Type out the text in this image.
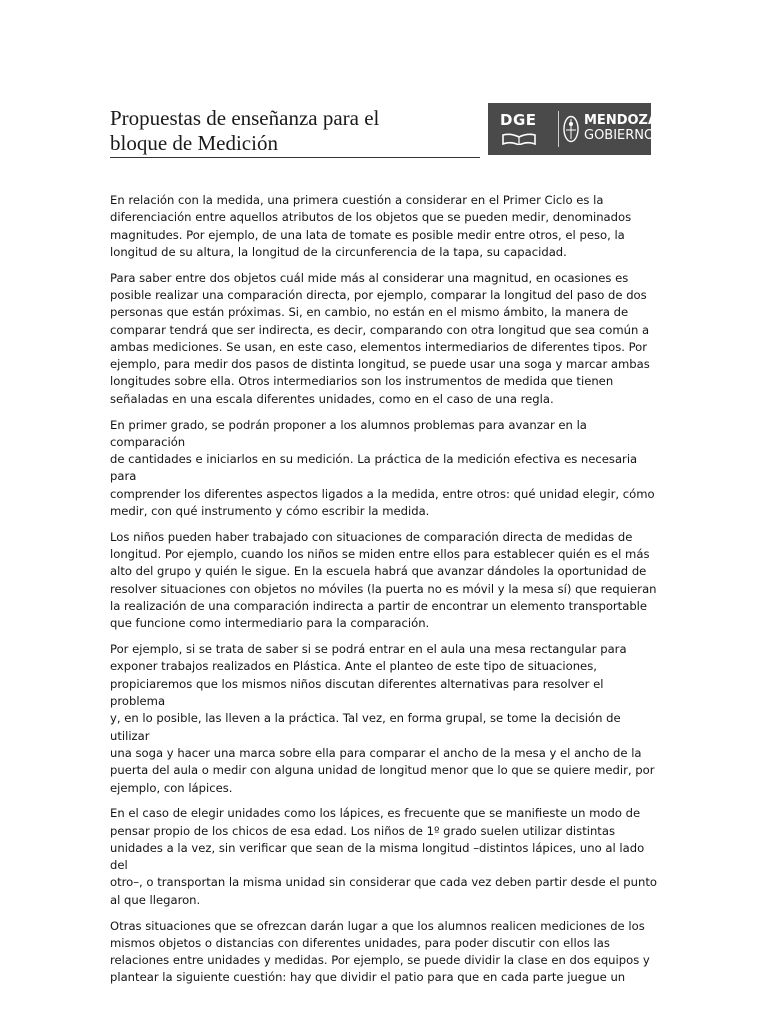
Propuestas de enseñanza para el
bloque de Medición
DGE	MENDOZA
GOBIERNO

En relación con la medida, una primera cuestión a considerar en el Primer Ciclo es la
diferenciación entre aquellos atributos de los objetos que se pueden medir, denominados
magnitudes. Por ejemplo, de una lata de tomate es posible medir entre otros, el peso, la
longitud de su altura, la longitud de la circunferencia de la tapa, su capacidad.

Para saber entre dos objetos cuál mide más al considerar una magnitud, en ocasiones es
posible realizar una comparación directa, por ejemplo, comparar la longitud del paso de dos
personas que están próximas. Si, en cambio, no están en el mismo ámbito, la manera de
comparar tendrá que ser indirecta, es decir, comparando con otra longitud que sea común a
ambas mediciones. Se usan, en este caso, elementos intermediarios de diferentes tipos. Por
ejemplo, para medir dos pasos de distinta longitud, se puede usar una soga y marcar ambas
longitudes sobre ella. Otros intermediarios son los instrumentos de medida que tienen
señaladas en una escala diferentes unidades, como en el caso de una regla.

En primer grado, se podrán proponer a los alumnos problemas para avanzar en la comparación
de cantidades e iniciarlos en su medición. La práctica de la medición efectiva es necesaria para
comprender los diferentes aspectos ligados a la medida, entre otros: qué unidad elegir, cómo
medir, con qué instrumento y cómo escribir la medida.

Los niños pueden haber trabajado con situaciones de comparación directa de medidas de
longitud. Por ejemplo, cuando los niños se miden entre ellos para establecer quién es el más
alto del grupo y quién le sigue. En la escuela habrá que avanzar dándoles la oportunidad de
resolver situaciones con objetos no móviles (la puerta no es móvil y la mesa sí) que requieran
la realización de una comparación indirecta a partir de encontrar un elemento transportable
que funcione como intermediario para la comparación.

Por ejemplo, si se trata de saber si se podrá entrar en el aula una mesa rectangular para
exponer trabajos realizados en Plástica. Ante el planteo de este tipo de situaciones,
propiciaremos que los mismos niños discutan diferentes alternativas para resolver el problema
y, en lo posible, las lleven a la práctica. Tal vez, en forma grupal, se tome la decisión de utilizar
una soga y hacer una marca sobre ella para comparar el ancho de la mesa y el ancho de la
puerta del aula o medir con alguna unidad de longitud menor que lo que se quiere medir, por
ejemplo, con lápices.

En el caso de elegir unidades como los lápices, es frecuente que se manifieste un modo de
pensar propio de los chicos de esa edad. Los niños de 1º grado suelen utilizar distintas
unidades a la vez, sin verificar que sean de la misma longitud –distintos lápices, uno al lado del
otro–, o transportan la misma unidad sin considerar que cada vez deben partir desde el punto
al que llegaron.

Otras situaciones que se ofrezcan darán lugar a que los alumnos realicen mediciones de los
mismos objetos o distancias con diferentes unidades, para poder discutir con ellos las
relaciones entre unidades y medidas. Por ejemplo, se puede dividir la clase en dos equipos y
plantear la siguiente cuestión: hay que dividir el patio para que en cada parte juegue un
